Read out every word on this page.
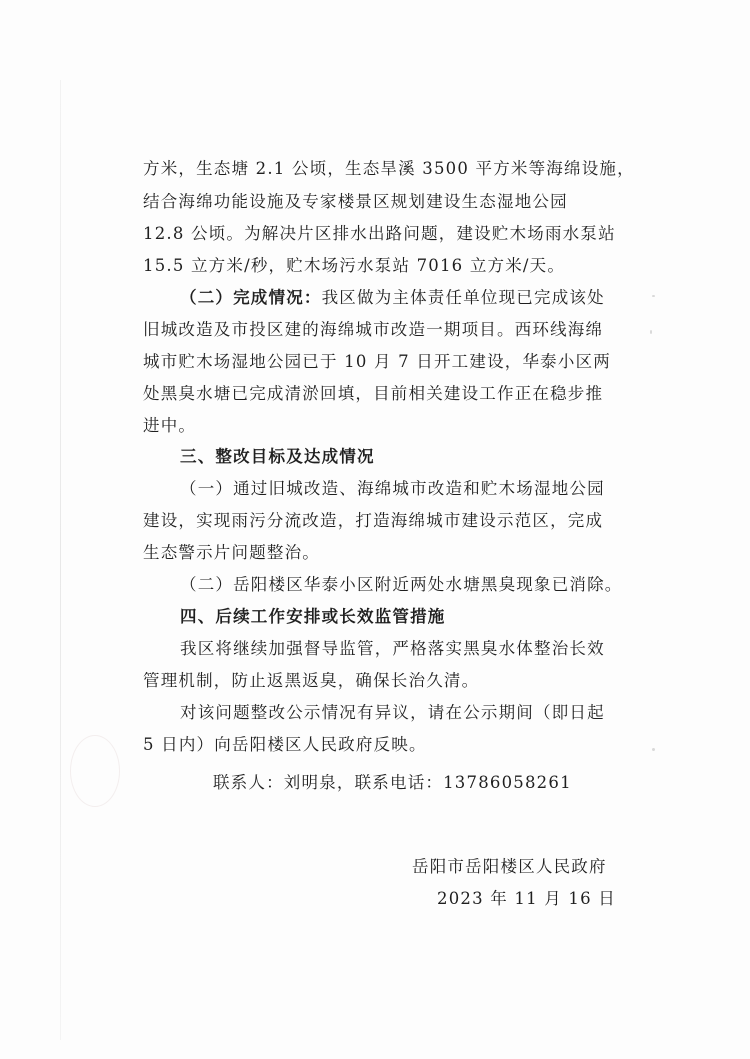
方米，生态塘 2.1 公顷，生态旱溪 3500 平方米等海绵设施，
结合海绵功能设施及专家楼景区规划建设生态湿地公园
12.8 公顷。为解决片区排水出路问题，建设贮木场雨水泵站
15.5 立方米/秒，贮木场污水泵站 7016 立方米/天。
（二）完成情况：我区做为主体责任单位现已完成该处
旧城改造及市投区建的海绵城市改造一期项目。西环线海绵
城市贮木场湿地公园已于 10 月 7 日开工建设，华泰小区两
处黑臭水塘已完成清淤回填，目前相关建设工作正在稳步推
进中。
三、整改目标及达成情况
（一）通过旧城改造、海绵城市改造和贮木场湿地公园
建设，实现雨污分流改造，打造海绵城市建设示范区，完成
生态警示片问题整治。
（二）岳阳楼区华泰小区附近两处水塘黑臭现象已消除。
四、后续工作安排或长效监管措施
我区将继续加强督导监管，严格落实黑臭水体整治长效
管理机制，防止返黑返臭，确保长治久清。
对该问题整改公示情况有异议，请在公示期间（即日起
5 日内）向岳阳楼区人民政府反映。
联系人：刘明泉，联系电话：13786058261
岳阳市岳阳楼区人民政府
2023 年 11 月 16 日
